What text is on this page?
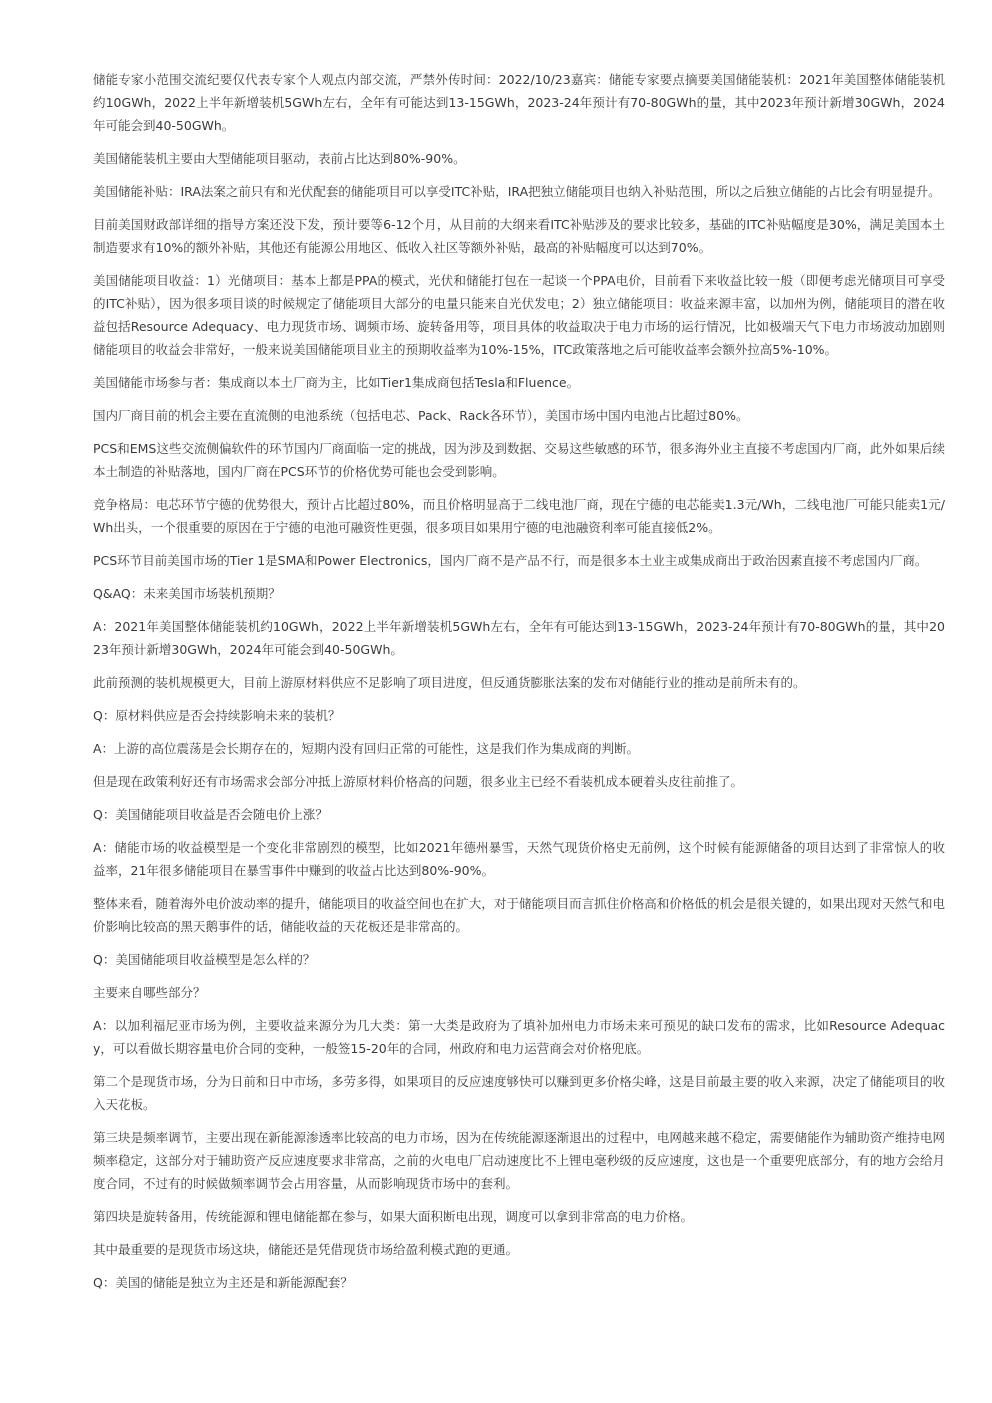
储能专家小范围交流纪要仅代表专家个人观点内部交流，严禁外传时间：2022/10/23嘉宾：储能专家要点摘要美国储能装机：2021年美国整体储能装机约10GWh，2022上半年新增装机5GWh左右，全年有可能达到13-15GWh，2023-24年预计有70-80GWh的量，其中2023年预计新增30GWh，2024年可能会到40-50GWh。

美国储能装机主要由大型储能项目驱动，表前占比达到80%-90%。

美国储能补贴：IRA法案之前只有和光伏配套的储能项目可以享受ITC补贴，IRA把独立储能项目也纳入补贴范围，所以之后独立储能的占比会有明显提升。

目前美国财政部详细的指导方案还没下发，预计要等6-12个月，从目前的大纲来看ITC补贴涉及的要求比较多，基础的ITC补贴幅度是30%，满足美国本土制造要求有10%的额外补贴，其他还有能源公用地区、低收入社区等额外补贴，最高的补贴幅度可以达到70%。

美国储能项目收益：1）光储项目：基本上都是PPA的模式，光伏和储能打包在一起谈一个PPA电价，目前看下来收益比较一般（即便考虑光储项目可享受的ITC补贴），因为很多项目谈的时候规定了储能项目大部分的电量只能来自光伏发电；2）独立储能项目：收益来源丰富，以加州为例，储能项目的潜在收益包括Resource Adequacy、电力现货市场、调频市场、旋转备用等，项目具体的收益取决于电力市场的运行情况，比如极端天气下电力市场波动加剧则储能项目的收益会非常好，一般来说美国储能项目业主的预期收益率为10%-15%，ITC政策落地之后可能收益率会额外拉高5%-10%。

美国储能市场参与者：集成商以本土厂商为主，比如Tier1集成商包括Tesla和Fluence。

国内厂商目前的机会主要在直流侧的电池系统（包括电芯、Pack、Rack各环节），美国市场中国内电池占比超过80%。

PCS和EMS这些交流侧偏软件的环节国内厂商面临一定的挑战，因为涉及到数据、交易这些敏感的环节，很多海外业主直接不考虑国内厂商，此外如果后续本土制造的补贴落地，国内厂商在PCS环节的价格优势可能也会受到影响。

竞争格局：电芯环节宁德的优势很大，预计占比超过80%，而且价格明显高于二线电池厂商，现在宁德的电芯能卖1.3元/Wh，二线电池厂可能只能卖1元/Wh出头，一个很重要的原因在于宁德的电池可融资性更强，很多项目如果用宁德的电池融资利率可能直接低2%。

PCS环节目前美国市场的Tier 1是SMA和Power Electronics，国内厂商不是产品不行，而是很多本土业主或集成商出于政治因素直接不考虑国内厂商。

Q&AQ：未来美国市场装机预期？

A：2021年美国整体储能装机约10GWh，2022上半年新增装机5GWh左右，全年有可能达到13-15GWh，2023-24年预计有70-80GWh的量，其中2023年预计新增30GWh，2024年可能会到40-50GWh。

此前预测的装机规模更大，目前上游原材料供应不足影响了项目进度，但反通货膨胀法案的发布对储能行业的推动是前所未有的。

Q：原材料供应是否会持续影响未来的装机？

A：上游的高位震荡是会长期存在的，短期内没有回归正常的可能性，这是我们作为集成商的判断。

但是现在政策利好还有市场需求会部分冲抵上游原材料价格高的问题，很多业主已经不看装机成本硬着头皮往前推了。

Q：美国储能项目收益是否会随电价上涨？

A：储能市场的收益模型是一个变化非常剧烈的模型，比如2021年德州暴雪，天然气现货价格史无前例，这个时候有能源储备的项目达到了非常惊人的收益率，21年很多储能项目在暴雪事件中赚到的收益占比达到80%-90%。

整体来看，随着海外电价波动率的提升，储能项目的收益空间也在扩大，对于储能项目而言抓住价格高和价格低的机会是很关键的，如果出现对天然气和电价影响比较高的黑天鹅事件的话，储能收益的天花板还是非常高的。

Q：美国储能项目收益模型是怎么样的？

主要来自哪些部分？

A：以加利福尼亚市场为例，主要收益来源分为几大类：第一大类是政府为了填补加州电力市场未来可预见的缺口发布的需求，比如Resource Adequacy，可以看做长期容量电价合同的变种，一般签15-20年的合同，州政府和电力运营商会对价格兜底。

第二个是现货市场，分为日前和日中市场，多劳多得，如果项目的反应速度够快可以赚到更多价格尖峰，这是目前最主要的收入来源，决定了储能项目的收入天花板。

第三块是频率调节，主要出现在新能源渗透率比较高的电力市场，因为在传统能源逐渐退出的过程中，电网越来越不稳定，需要储能作为辅助资产维持电网频率稳定，这部分对于辅助资产反应速度要求非常高，之前的火电电厂启动速度比不上锂电毫秒级的反应速度，这也是一个重要兜底部分，有的地方会给月度合同，不过有的时候做频率调节会占用容量，从而影响现货市场中的套利。

第四块是旋转备用，传统能源和锂电储能都在参与，如果大面积断电出现，调度可以拿到非常高的电力价格。

其中最重要的是现货市场这块，储能还是凭借现货市场给盈利模式跑的更通。

Q：美国的储能是独立为主还是和新能源配套？
